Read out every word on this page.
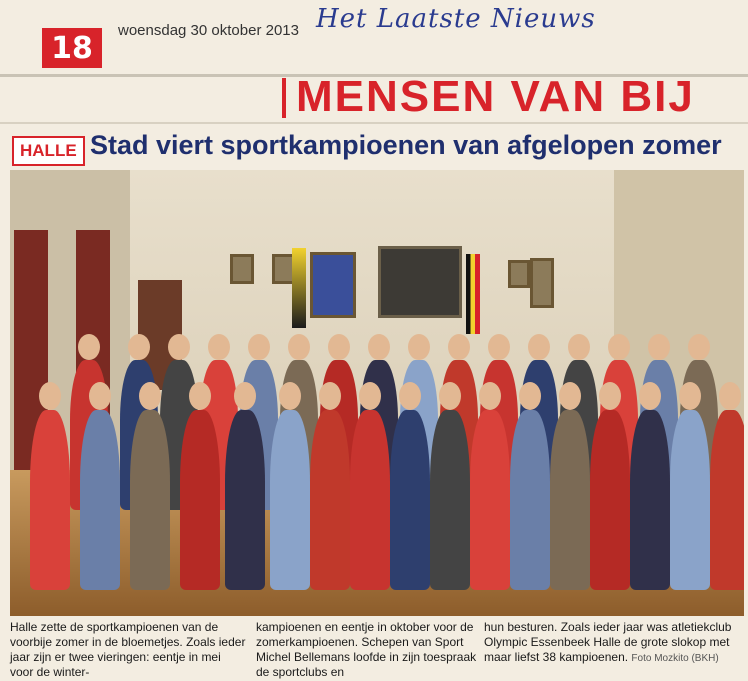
18	woensdag 30 oktober 2013 Het Laatste Nieuws
MENSEN VAN BIJ
HALLE Stad viert sportkampioenen van afgelopen zomer
Halle zette de sportkampioenen van de voorbije zomer in de bloemetjes. Zoals ieder jaar zijn er twee vieringen: eentje in mei voor de winter-
kampioenen en eentje in oktober voor de zomerkampioenen. Schepen van Sport Michel Bellemans loofde in zijn toespraak de sportclubs en
hun besturen. Zoals ieder jaar was atletiekclub Olympic Essenbeek Halle de grote slokop met maar liefst 38 kampioenen. Foto Mozkito (BKH)
